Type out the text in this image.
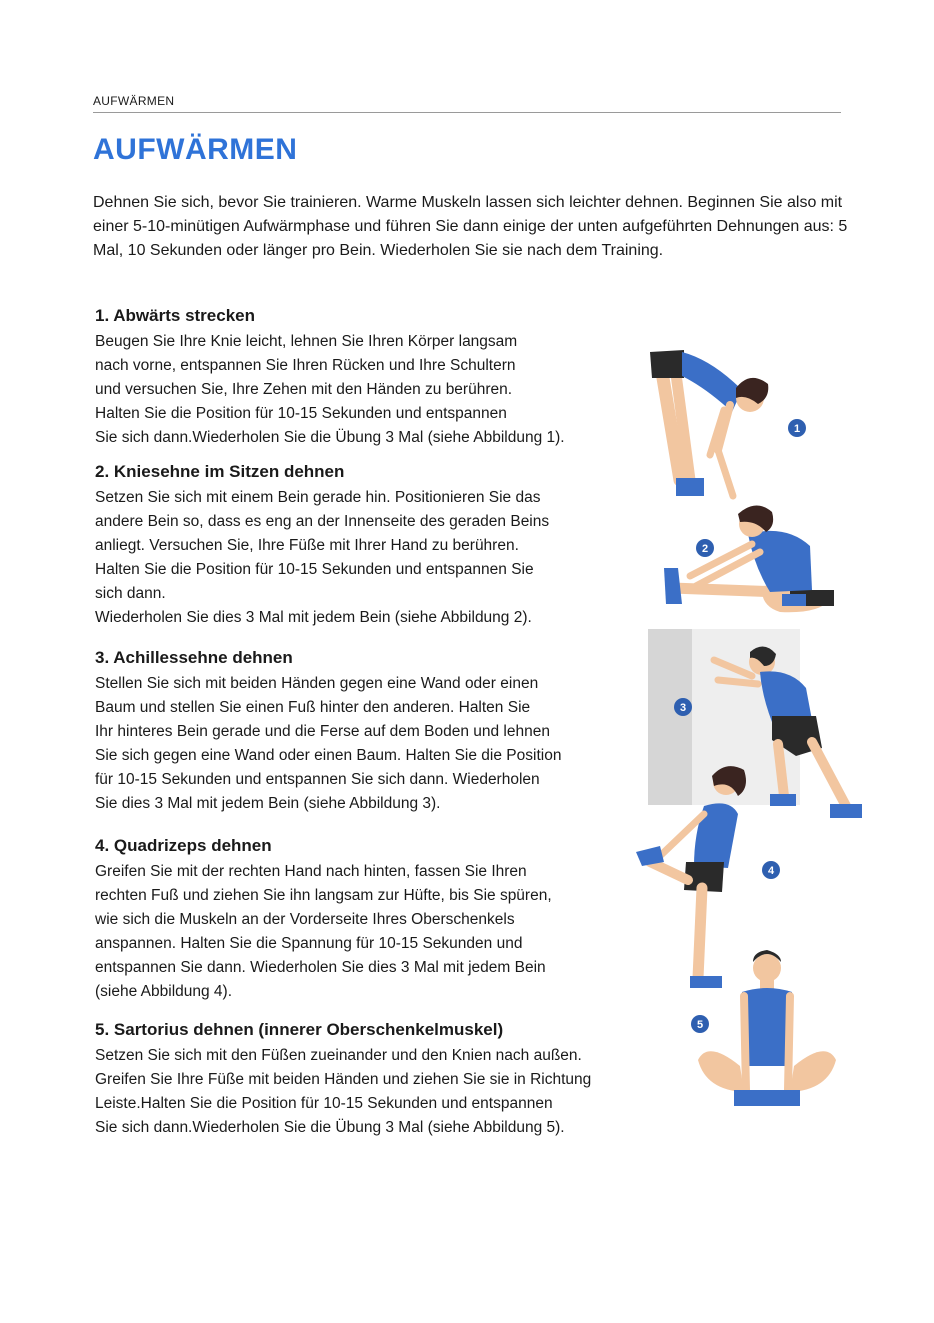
AUFWÄRMEN
AUFWÄRMEN

Dehnen Sie sich, bevor Sie trainieren. Warme Muskeln lassen sich leichter dehnen. Beginnen Sie also mit einer 5-10-minütigen Aufwärmphase und führen Sie dann einige der unten aufgeführten Dehnungen aus: 5 Mal, 10 Sekunden oder länger pro Bein. Wiederholen Sie sie nach dem Training.

1. Abwärts strecken

Beugen Sie Ihre Knie leicht, lehnen Sie Ihren Körper langsam
nach vorne, entspannen Sie Ihren Rücken und Ihre Schultern
und versuchen Sie, Ihre Zehen mit den Händen zu berühren.
Halten Sie die Position für 10-15 Sekunden und entspannen
Sie sich dann.Wiederholen Sie die Übung 3 Mal (siehe Abbildung 1).

2. Kniesehne im Sitzen dehnen

Setzen Sie sich mit einem Bein gerade hin. Positionieren Sie das
andere Bein so, dass es eng an der Innenseite des geraden Beins
anliegt. Versuchen Sie, Ihre Füße mit Ihrer Hand zu berühren.
Halten Sie die Position für 10-15 Sekunden und entspannen Sie
sich dann.
Wiederholen Sie dies 3 Mal mit jedem Bein (siehe Abbildung 2).

3. Achillessehne dehnen

Stellen Sie sich mit beiden Händen gegen eine Wand oder einen
Baum und stellen Sie einen Fuß hinter den anderen. Halten Sie
Ihr hinteres Bein gerade und die Ferse auf dem Boden und lehnen
Sie sich gegen eine Wand oder einen Baum. Halten Sie die Position
für 10-15 Sekunden und entspannen Sie sich dann. Wiederholen
Sie dies 3 Mal mit jedem Bein (siehe Abbildung 3).

4. Quadrizeps dehnen

Greifen Sie mit der rechten Hand nach hinten, fassen Sie Ihren
rechten Fuß und ziehen Sie ihn langsam zur Hüfte, bis Sie spüren,
wie sich die Muskeln an der Vorderseite Ihres Oberschenkels
anspannen. Halten Sie die Spannung für 10-15 Sekunden und
entspannen Sie dann. Wiederholen Sie dies 3 Mal mit jedem Bein
(siehe Abbildung 4).

5. Sartorius dehnen (innerer Oberschenkelmuskel)

Setzen Sie sich mit den Füßen zueinander und den Knien nach außen.
Greifen Sie Ihre Füße mit beiden Händen und ziehen Sie sie in Richtung
Leiste.Halten Sie die Position für 10-15 Sekunden und entspannen
Sie sich dann.Wiederholen Sie die Übung 3 Mal (siehe Abbildung 5).

1
2
3
4
5
